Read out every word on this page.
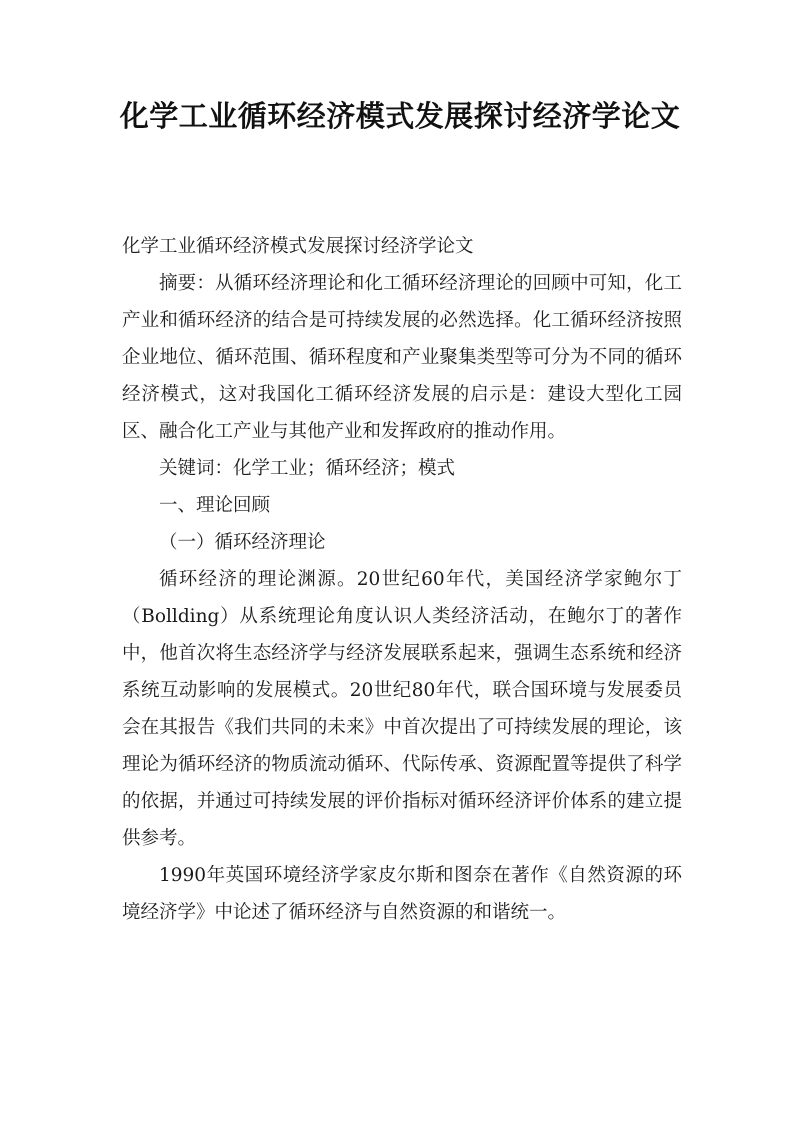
化学工业循环经济模式发展探讨经济学论文

化学工业循环经济模式发展探讨经济学论文

摘要：从循环经济理论和化工循环经济理论的回顾中可知，化工产业和循环经济的结合是可持续发展的必然选择。化工循环经济按照企业地位、循环范围、循环程度和产业聚集类型等可分为不同的循环经济模式，这对我国化工循环经济发展的启示是：建设大型化工园区、融合化工产业与其他产业和发挥政府的推动作用。

关键词：化学工业；循环经济；模式

一、理论回顾

（一）循环经济理论

循环经济的理论渊源。20世纪60年代，美国经济学家鲍尔丁（Bollding）从系统理论角度认识人类经济活动，在鲍尔丁的著作中，他首次将生态经济学与经济发展联系起来，强调生态系统和经济系统互动影响的发展模式。20世纪80年代，联合国环境与发展委员会在其报告《我们共同的未来》中首次提出了可持续发展的理论，该理论为循环经济的物质流动循环、代际传承、资源配置等提供了科学的依据，并通过可持续发展的评价指标对循环经济评价体系的建立提供参考。

1990年英国环境经济学家皮尔斯和图奈在著作《自然资源的环境经济学》中论述了循环经济与自然资源的和谐统一。
